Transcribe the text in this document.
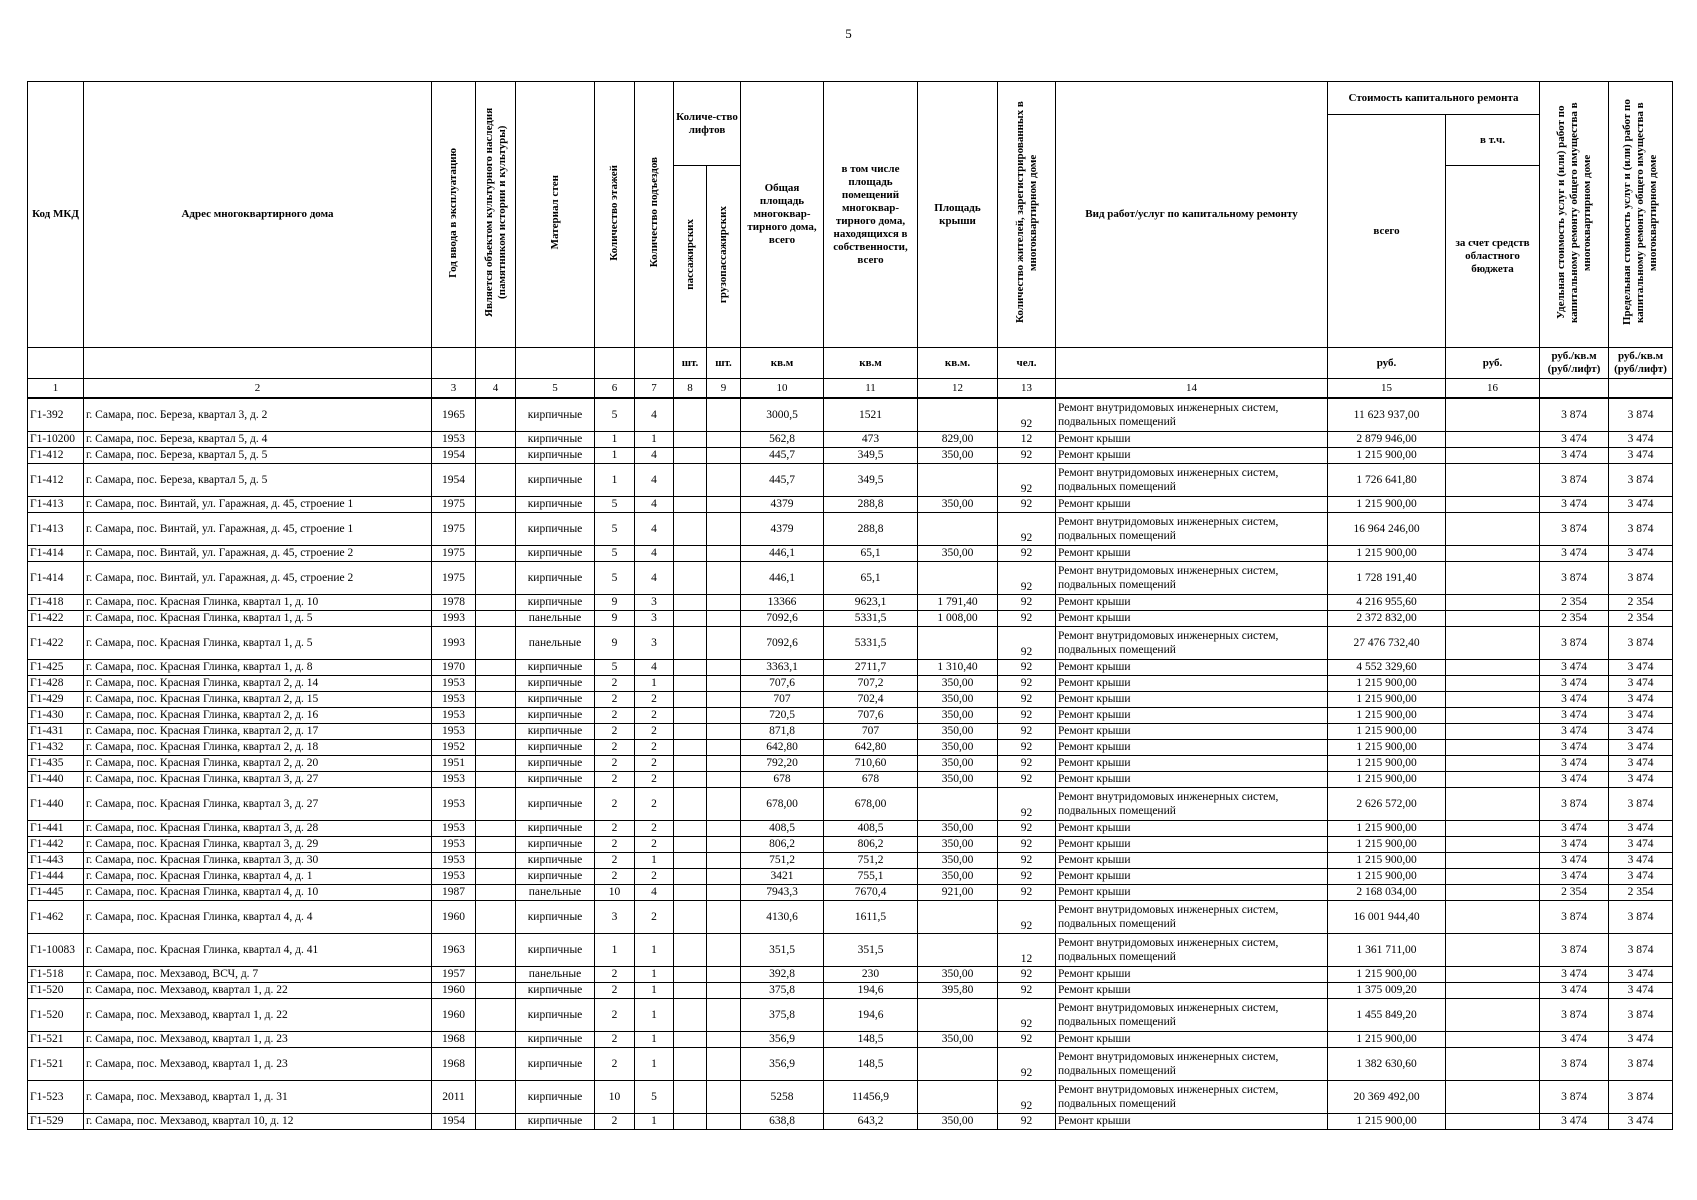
5
Код МКД	Адрес многоквартирного дома	Год ввода в эксплуатацию	Является объектом культурного наследия (памятником истории и культуры)	Материал стен	Количество этажей	Количество подъездов	Количе-ство лифтов		Общая площадь многоквар-тирного дома, всего	в том числе площадь помещений многоквар-тирного дома, находящихся в собственности, всего	Площадь крыши	Количество жителей, зарегистрированных в многоквартирном доме	Вид работ/услуг по капитальному ремонту	Стоимость капитального ремонта		Удельная стоимость услуг и (или) работ по капитальному ремонту общего имущества в многоквартирном доме	Предельная стоимость услуг и (или) работ по капитальному ремонту общего имущества в многоквартирном доме
														всего	в т.ч.		
							пассажирских	грузопассажирских							за счет средств областного бюджета		
							шт.	шт.	кв.м	кв.м	кв.м.	чел.		руб.	руб.	руб./кв.м (руб/лифт)	руб./кв.м (руб/лифт)
1	2	3	4	5	6	7	8	9	10	11	12	13	14	15	16		
Г1-392	г. Самара, пос. Береза, квартал 3, д. 2	1965		кирпичные	5	4			3000,5	1521		92	Ремонт внутридомовых инженерных систем, подвальных помещений	11 623 937,00		3 874	3 874
Г1-10200	г. Самара, пос. Береза, квартал 5, д. 4	1953		кирпичные	1	1			562,8	473	829,00	12	Ремонт крыши	2 879 946,00		3 474	3 474
Г1-412	г. Самара, пос. Береза, квартал 5, д. 5	1954		кирпичные	1	4			445,7	349,5	350,00	92	Ремонт крыши	1 215 900,00		3 474	3 474
Г1-412	г. Самара, пос. Береза, квартал 5, д. 5	1954		кирпичные	1	4			445,7	349,5		92	Ремонт внутридомовых инженерных систем, подвальных помещений	1 726 641,80		3 874	3 874
Г1-413	г. Самара, пос. Винтай, ул. Гаражная, д. 45, строение 1	1975		кирпичные	5	4			4379	288,8	350,00	92	Ремонт крыши	1 215 900,00		3 474	3 474
Г1-413	г. Самара, пос. Винтай, ул. Гаражная, д. 45, строение 1	1975		кирпичные	5	4			4379	288,8		92	Ремонт внутридомовых инженерных систем, подвальных помещений	16 964 246,00		3 874	3 874
Г1-414	г. Самара, пос. Винтай, ул. Гаражная, д. 45, строение 2	1975		кирпичные	5	4			446,1	65,1	350,00	92	Ремонт крыши	1 215 900,00		3 474	3 474
Г1-414	г. Самара, пос. Винтай, ул. Гаражная, д. 45, строение 2	1975		кирпичные	5	4			446,1	65,1		92	Ремонт внутридомовых инженерных систем, подвальных помещений	1 728 191,40		3 874	3 874
Г1-418	г. Самара, пос. Красная Глинка, квартал 1, д. 10	1978		кирпичные	9	3			13366	9623,1	1 791,40	92	Ремонт крыши	4 216 955,60		2 354	2 354
Г1-422	г. Самара, пос. Красная Глинка, квартал 1, д. 5	1993		панельные	9	3			7092,6	5331,5	1 008,00	92	Ремонт крыши	2 372 832,00		2 354	2 354
Г1-422	г. Самара, пос. Красная Глинка, квартал 1, д. 5	1993		панельные	9	3			7092,6	5331,5		92	Ремонт внутридомовых инженерных систем, подвальных помещений	27 476 732,40		3 874	3 874
Г1-425	г. Самара, пос. Красная Глинка, квартал 1, д. 8	1970		кирпичные	5	4			3363,1	2711,7	1 310,40	92	Ремонт крыши	4 552 329,60		3 474	3 474
Г1-428	г. Самара, пос. Красная Глинка, квартал 2, д. 14	1953		кирпичные	2	1			707,6	707,2	350,00	92	Ремонт крыши	1 215 900,00		3 474	3 474
Г1-429	г. Самара, пос. Красная Глинка, квартал 2, д. 15	1953		кирпичные	2	2			707	702,4	350,00	92	Ремонт крыши	1 215 900,00		3 474	3 474
Г1-430	г. Самара, пос. Красная Глинка, квартал 2, д. 16	1953		кирпичные	2	2			720,5	707,6	350,00	92	Ремонт крыши	1 215 900,00		3 474	3 474
Г1-431	г. Самара, пос. Красная Глинка, квартал 2, д. 17	1953		кирпичные	2	2			871,8	707	350,00	92	Ремонт крыши	1 215 900,00		3 474	3 474
Г1-432	г. Самара, пос. Красная Глинка, квартал 2, д. 18	1952		кирпичные	2	2			642,80	642,80	350,00	92	Ремонт крыши	1 215 900,00		3 474	3 474
Г1-435	г. Самара, пос. Красная Глинка, квартал 2, д. 20	1951		кирпичные	2	2			792,20	710,60	350,00	92	Ремонт крыши	1 215 900,00		3 474	3 474
Г1-440	г. Самара, пос. Красная Глинка, квартал 3, д. 27	1953		кирпичные	2	2			678	678	350,00	92	Ремонт крыши	1 215 900,00		3 474	3 474
Г1-440	г. Самара, пос. Красная Глинка, квартал 3, д. 27	1953		кирпичные	2	2			678,00	678,00		92	Ремонт внутридомовых инженерных систем, подвальных помещений	2 626 572,00		3 874	3 874
Г1-441	г. Самара, пос. Красная Глинка, квартал 3, д. 28	1953		кирпичные	2	2			408,5	408,5	350,00	92	Ремонт крыши	1 215 900,00		3 474	3 474
Г1-442	г. Самара, пос. Красная Глинка, квартал 3, д. 29	1953		кирпичные	2	2			806,2	806,2	350,00	92	Ремонт крыши	1 215 900,00		3 474	3 474
Г1-443	г. Самара, пос. Красная Глинка, квартал 3, д. 30	1953		кирпичные	2	1			751,2	751,2	350,00	92	Ремонт крыши	1 215 900,00		3 474	3 474
Г1-444	г. Самара, пос. Красная Глинка, квартал 4, д. 1	1953		кирпичные	2	2			3421	755,1	350,00	92	Ремонт крыши	1 215 900,00		3 474	3 474
Г1-445	г. Самара, пос. Красная Глинка, квартал 4, д. 10	1987		панельные	10	4			7943,3	7670,4	921,00	92	Ремонт крыши	2 168 034,00		2 354	2 354
Г1-462	г. Самара, пос. Красная Глинка, квартал 4, д. 4	1960		кирпичные	3	2			4130,6	1611,5		92	Ремонт внутридомовых инженерных систем, подвальных помещений	16 001 944,40		3 874	3 874
Г1-10083	г. Самара, пос. Красная Глинка, квартал 4, д. 41	1963		кирпичные	1	1			351,5	351,5		12	Ремонт внутридомовых инженерных систем, подвальных помещений	1 361 711,00		3 874	3 874
Г1-518	г. Самара, пос. Мехзавод, ВСЧ, д. 7	1957		панельные	2	1			392,8	230	350,00	92	Ремонт крыши	1 215 900,00		3 474	3 474
Г1-520	г. Самара, пос. Мехзавод, квартал 1, д. 22	1960		кирпичные	2	1			375,8	194,6	395,80	92	Ремонт крыши	1 375 009,20		3 474	3 474
Г1-520	г. Самара, пос. Мехзавод, квартал 1, д. 22	1960		кирпичные	2	1			375,8	194,6		92	Ремонт внутридомовых инженерных систем, подвальных помещений	1 455 849,20		3 874	3 874
Г1-521	г. Самара, пос. Мехзавод, квартал 1, д. 23	1968		кирпичные	2	1			356,9	148,5	350,00	92	Ремонт крыши	1 215 900,00		3 474	3 474
Г1-521	г. Самара, пос. Мехзавод, квартал 1, д. 23	1968		кирпичные	2	1			356,9	148,5		92	Ремонт внутридомовых инженерных систем, подвальных помещений	1 382 630,60		3 874	3 874
Г1-523	г. Самара, пос. Мехзавод, квартал 1, д. 31	2011		кирпичные	10	5			5258	11456,9		92	Ремонт внутридомовых инженерных систем, подвальных помещений	20 369 492,00		3 874	3 874
Г1-529	г. Самара, пос. Мехзавод, квартал 10, д. 12	1954		кирпичные	2	1			638,8	643,2	350,00	92	Ремонт крыши	1 215 900,00		3 474	3 474
